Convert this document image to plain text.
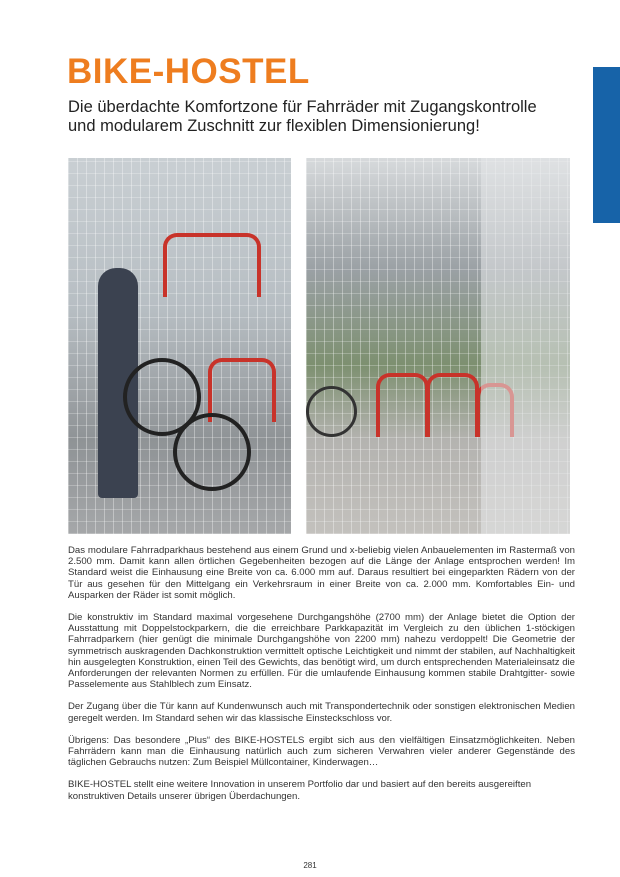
BIKE-HOSTEL

Die überdachte Komfortzone für Fahrräder mit Zugangskontrolle und modularem Zuschnitt zur flexiblen Dimensionierung!

Das modulare Fahrradparkhaus bestehend aus einem Grund und x-beliebig vielen Anbauelementen im Rastermaß von 2.500 mm. Damit kann allen örtlichen Gegebenheiten bezogen auf die Länge der Anlage entsprochen werden! Im Standard weist die Einhausung eine Breite von ca. 6.000 mm auf. Daraus resultiert bei eingeparkten Rädern von der Tür aus gesehen für den Mittelgang ein Verkehrsraum in einer Breite von ca. 2.000 mm. Komfortables Ein- und Ausparken der Räder ist somit möglich.

Die konstruktiv im Standard maximal vorgesehene Durchgangshöhe (2700 mm) der Anlage bietet die Option der Ausstattung mit Doppelstockparkern, die die erreichbare Parkkapazität im Vergleich zu den üblichen 1-stöckigen Fahrradparkern (hier genügt die minimale Durchgangshöhe von 2200 mm) nahezu verdoppelt! Die Geometrie der symmetrisch auskragenden Dachkonstruktion vermittelt optische Leichtigkeit und nimmt der stabilen, auf Nachhaltigkeit hin ausgelegten Konstruktion, einen Teil des Gewichts, das benötigt wird, um durch entsprechenden Materialeinsatz die Anforderungen der relevanten Normen zu erfüllen. Für die umlaufende Einhausung kommen stabile Drahtgitter- sowie Passelemente aus Stahlblech zum Einsatz.

Der Zugang über die Tür kann auf Kundenwunsch auch mit Transpondertechnik oder sonstigen elektronischen Medien geregelt werden. Im Standard sehen wir das klassische Einsteckschloss vor.

Übrigens: Das besondere „Plus“ des BIKE-HOSTELS ergibt sich aus den vielfältigen Einsatzmöglichkeiten. Neben Fahrrädern kann man die Einhausung natürlich auch zum sicheren Verwahren vieler anderer Gegenstände des täglichen Gebrauchs nutzen: Zum Beispiel Müllcontainer, Kinderwagen…

BIKE-HOSTEL stellt eine weitere Innovation in unserem Portfolio dar und basiert auf den bereits ausgereiften konstruktiven Details unserer übrigen Überdachungen.

281
